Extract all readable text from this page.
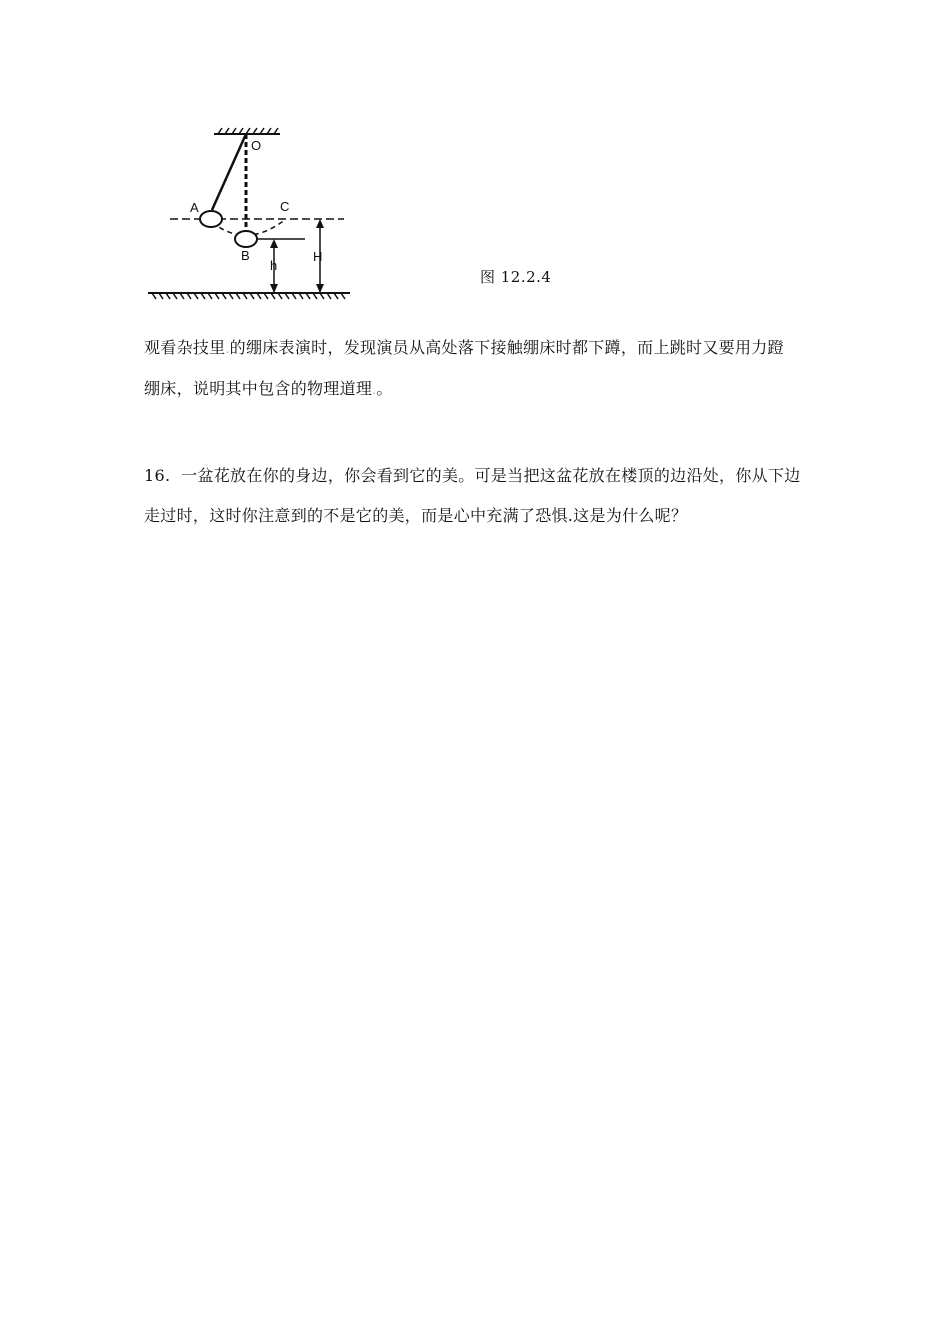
O
A	C
B
h
H
图 12.2.4
观看杂技里.的绷床表演时，发现演员从高处落下接触绷床时都下蹲，而上跳时又要用力蹬
绷床，说明其中包含的物理道理.。
16. 一盆花放在你的身边，你会看到它的美。可是当把这盆花放在楼顶的边沿处，你从下边走过时，这时你注意到的不是它的美，而是心中充满了恐惧.这是为什么呢？
